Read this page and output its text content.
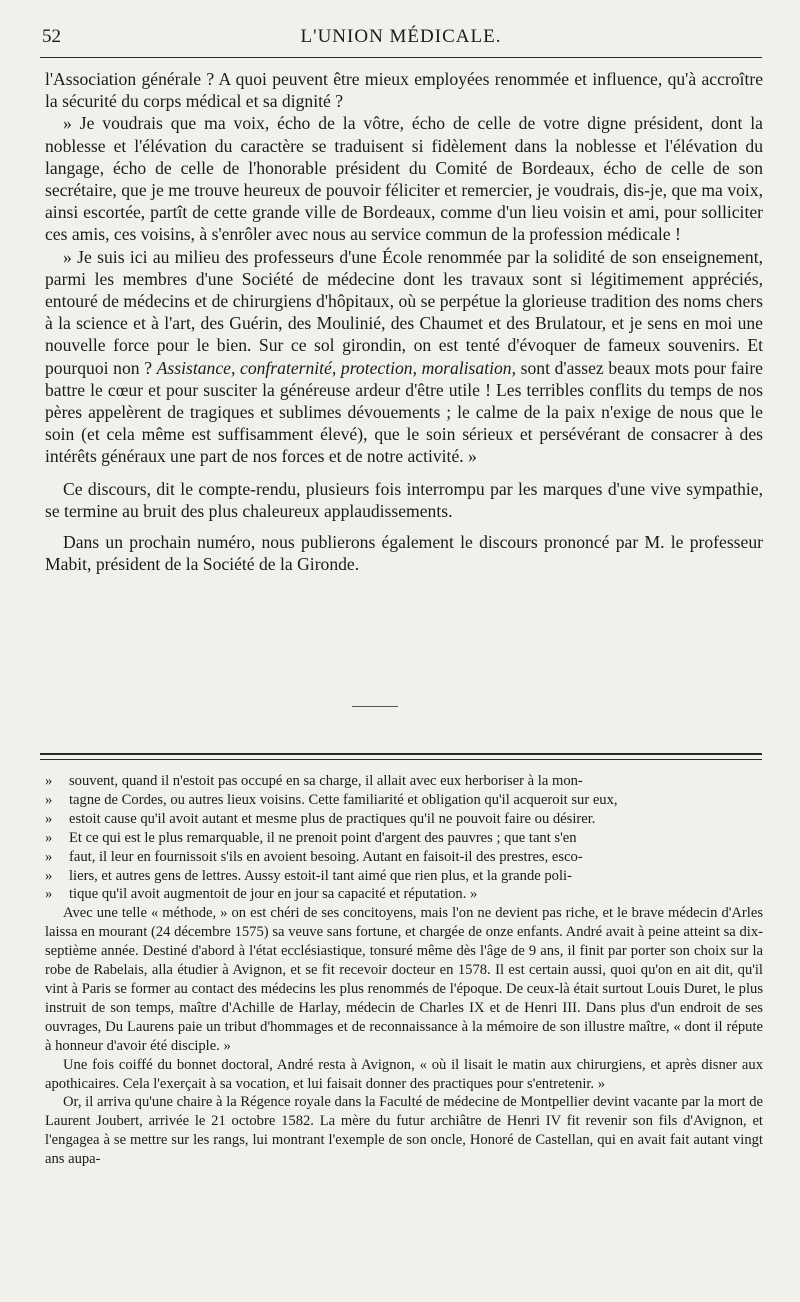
52	L'UNION MÉDICALE.

l'Association générale ? A quoi peuvent être mieux employées renommée et influence, qu'à accroître la sécurité du corps médical et sa dignité ?

» Je voudrais que ma voix, écho de la vôtre, écho de celle de votre digne président, dont la noblesse et l'élévation du caractère se traduisent si fidèlement dans la noblesse et l'élévation du langage, écho de celle de l'honorable président du Comité de Bordeaux, écho de celle de son secrétaire, que je me trouve heureux de pouvoir féliciter et remercier, je voudrais, dis-je, que ma voix, ainsi escortée, partît de cette grande ville de Bordeaux, comme d'un lieu voisin et ami, pour solliciter ces amis, ces voisins, à s'enrôler avec nous au service commun de la profession médicale !

» Je suis ici au milieu des professeurs d'une École renommée par la solidité de son enseignement, parmi les membres d'une Société de médecine dont les travaux sont si légitimement appréciés, entouré de médecins et de chirurgiens d'hôpitaux, où se perpétue la glorieuse tradition des noms chers à la science et à l'art, des Guérin, des Moulinié, des Chaumet et des Brulatour, et je sens en moi une nouvelle force pour le bien. Sur ce sol girondin, on est tenté d'évoquer de fameux souvenirs. Et pourquoi non ? Assistance, confraternité, protection, moralisation, sont d'assez beaux mots pour faire battre le cœur et pour susciter la généreuse ardeur d'être utile ! Les terribles conflits du temps de nos pères appelèrent de tragiques et sublimes dévouements ; le calme de la paix n'exige de nous que le soin (et cela même est suffisamment élevé), que le soin sérieux et persévérant de consacrer à des intérêts généraux une part de nos forces et de notre activité. »

Ce discours, dit le compte-rendu, plusieurs fois interrompu par les marques d'une vive sympathie, se termine au bruit des plus chaleureux applaudissements.

Dans un prochain numéro, nous publierons également le discours prononcé par M. le professeur Mabit, président de la Société de la Gironde.

»	souvent, quand il n'estoit pas occupé en sa charge, il allait avec eux herboriser à la mon-
»	tagne de Cordes, ou autres lieux voisins. Cette familiarité et obligation qu'il acqueroit sur eux,
»	estoit cause qu'il avoit autant et mesme plus de practiques qu'il ne pouvoit faire ou désirer.
»	Et ce qui est le plus remarquable, il ne prenoit point d'argent des pauvres ; que tant s'en
»	faut, il leur en fournissoit s'ils en avoient besoing. Autant en faisoit-il des prestres, esco-
»	liers, et autres gens de lettres. Aussy estoit-il tant aimé que rien plus, et la grande poli-
»	tique qu'il avoit augmentoit de jour en jour sa capacité et réputation. »

Avec une telle « méthode, » on est chéri de ses concitoyens, mais l'on ne devient pas riche, et le brave médecin d'Arles laissa en mourant (24 décembre 1575) sa veuve sans fortune, et chargée de onze enfants. André avait à peine atteint sa dix-septième année. Destiné d'abord à l'état ecclésiastique, tonsuré même dès l'âge de 9 ans, il finit par porter son choix sur la robe de Rabelais, alla étudier à Avignon, et se fit recevoir docteur en 1578. Il est certain aussi, quoi qu'on en ait dit, qu'il vint à Paris se former au contact des médecins les plus renommés de l'époque. De ceux-là était surtout Louis Duret, le plus instruit de son temps, maître d'Achille de Harlay, médecin de Charles IX et de Henri III. Dans plus d'un endroit de ses ouvrages, Du Laurens paie un tribut d'hommages et de reconnaissance à la mémoire de son illustre maître, « dont il répute à honneur d'avoir été disciple. »

Une fois coiffé du bonnet doctoral, André resta à Avignon, « où il lisait le matin aux chirurgiens, et après disner aux apothicaires. Cela l'exerçait à sa vocation, et lui faisait donner des practiques pour s'entretenir. »

Or, il arriva qu'une chaire à la Régence royale dans la Faculté de médecine de Montpellier devint vacante par la mort de Laurent Joubert, arrivée le 21 octobre 1582. La mère du futur archiâtre de Henri IV fit revenir son fils d'Avignon, et l'engagea à se mettre sur les rangs, lui montrant l'exemple de son oncle, Honoré de Castellan, qui en avait fait autant vingt ans aupa-
